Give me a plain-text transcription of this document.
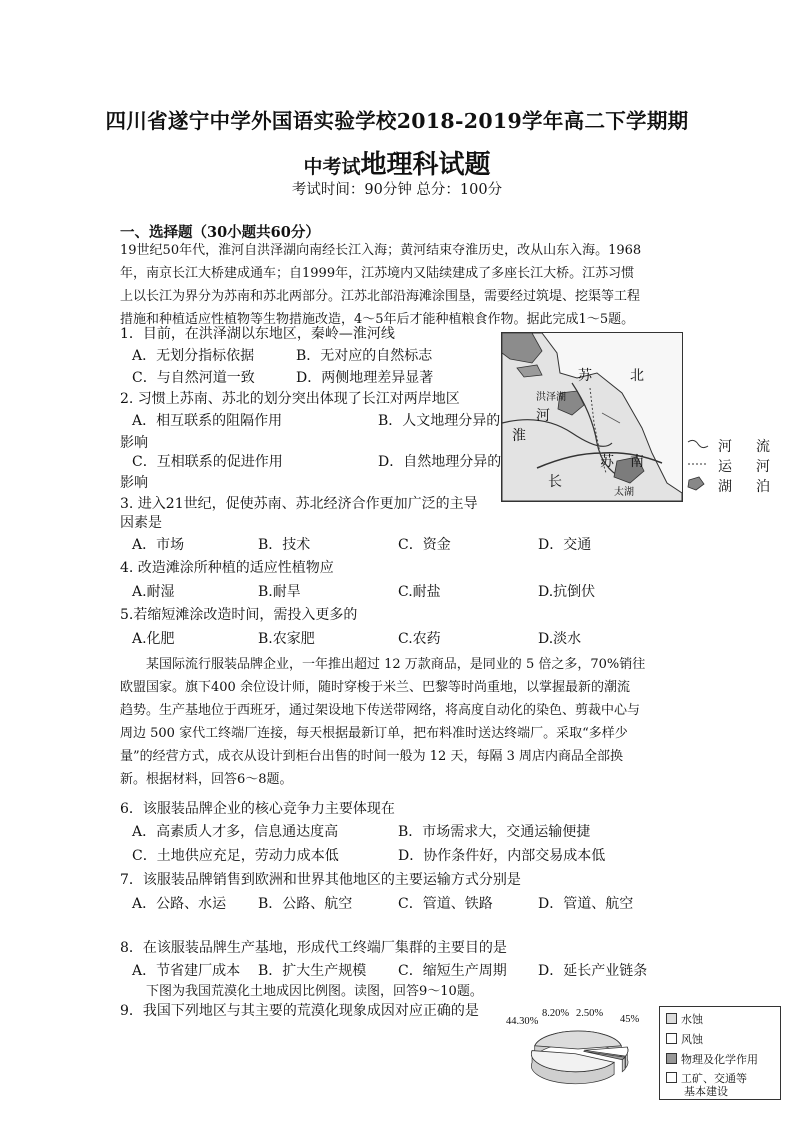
四川省遂宁中学外国语实验学校2018-2019学年高二下学期期
中考试地理科试题
考试时间：90分钟 总分：100分
一、选择题（30小题共60分）
19世纪50年代，淮河自洪泽湖向南经长江入海；黄河结束夺淮历史，改从山东入海。1968
年，南京长江大桥建成通车；自1999年，江苏境内又陆续建成了多座长江大桥。江苏习惯
上以长江为界分为苏南和苏北两部分。江苏北部沿海滩涂围垦，需要经过筑堤、挖渠等工程
措施和种植适应性植物等生物措施改造，4～5年后才能种植粮食作物。据此完成1～5题。
1．目前，在洪泽湖以东地区，秦岭—淮河线
A．无划分指标依据	B．无对应的自然标志
C．与自然河道一致	D．两侧地理差异显著
2. 习惯上苏南、苏北的划分突出体现了长江对两岸地区
A．相互联系的阻隔作用	B．人文地理分异的
影响
C．互相联系的促进作用	D．自然地理分异的
影响
3. 进入21世纪，促使苏南、苏北经济合作更加广泛的主导
因素是
A．市场	B．技术	C．资金	D．交通
4. 改造滩涂所种植的适应性植物应
A.耐湿	B.耐旱	C.耐盐	D.抗倒伏
5.若缩短滩涂改造时间，需投入更多的
A.化肥	B.农家肥	C.农药	D.淡水
苏	北
洪泽湖
河
淮
苏 南
长
太湖
河 流
运 河
湖 泊
某国际流行服装品牌企业，一年推出超过 12 万款商品，是同业的 5 倍之多，70%销往
欧盟国家。旗下400 余位设计师，随时穿梭于米兰、巴黎等时尚重地，以掌握最新的潮流
趋势。生产基地位于西班牙，通过架设地下传送带网络，将高度自动化的染色、剪裁中心与
周边 500 家代工终端厂连接，每天根据最新订单，把布料准时送达终端厂。采取“多样少
量”的经营方式，成衣从设计到柜台出售的时间一般为 12 天，每隔 3 周店内商品全部换
新。根据材料，回答6～8题。
6．该服装品牌企业的核心竞争力主要体现在
A．高素质人才多，信息通达度高	B．市场需求大，交通运输便捷
C．土地供应充足，劳动力成本低	D．协作条件好，内部交易成本低
7．该服装品牌销售到欧洲和世界其他地区的主要运输方式分别是
A．公路、水运 B．公路、航空	C．管道、铁路	D．管道、航空
8．在该服装品牌生产基地，形成代工终端厂集群的主要目的是
A．节省建厂成本 B．扩大生产规模 C．缩短生产周期 D．延长产业链条
下图为我国荒漠化土地成因比例图。读图，回答9～10题。
9．我国下列地区与其主要的荒漠化现象成因对应正确的是
44.30%
8.20% 2.50%
45%	水蚀
风蚀
物理及化学作用
工矿、交通等
基本建设
